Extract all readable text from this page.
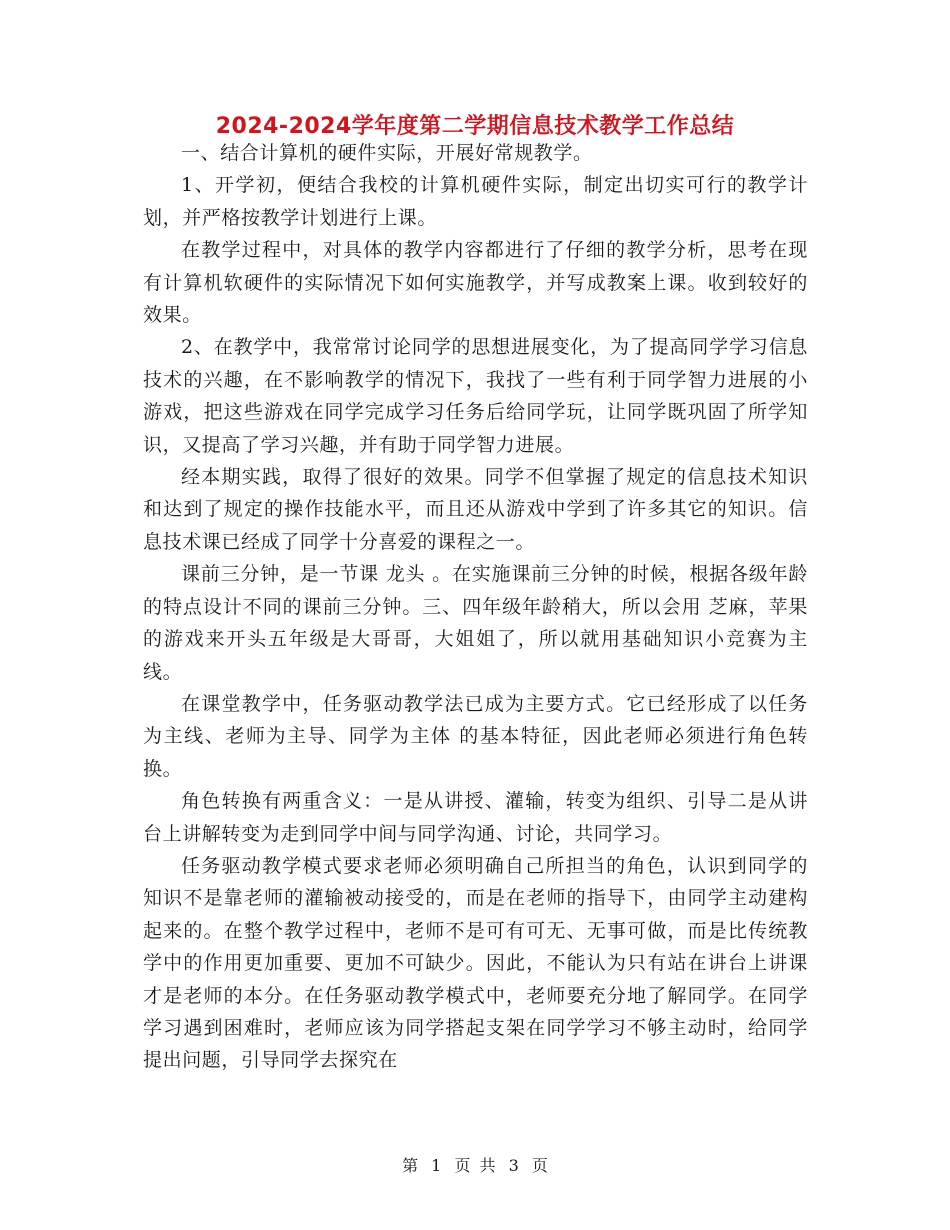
2024-2024学年度第二学期信息技术教学工作总结

一、结合计算机的硬件实际，开展好常规教学。

1、开学初，便结合我校的计算机硬件实际，制定出切实可行的教学计划，并严格按教学计划进行上课。

在教学过程中，对具体的教学内容都进行了仔细的教学分析，思考在现有计算机软硬件的实际情况下如何实施教学，并写成教案上课。收到较好的效果。

2、在教学中，我常常讨论同学的思想进展变化，为了提高同学学习信息技术的兴趣，在不影响教学的情况下，我找了一些有利于同学智力进展的小游戏，把这些游戏在同学完成学习任务后给同学玩，让同学既巩固了所学知识，又提高了学习兴趣，并有助于同学智力进展。

经本期实践，取得了很好的效果。同学不但掌握了规定的信息技术知识和达到了规定的操作技能水平，而且还从游戏中学到了许多其它的知识。信息技术课已经成了同学十分喜爱的课程之一。

课前三分钟，是一节课 龙头 。在实施课前三分钟的时候，根据各级年龄的特点设计不同的课前三分钟。三、四年级年龄稍大，所以会用 芝麻，苹果 的游戏来开头五年级是大哥哥，大姐姐了，所以就用基础知识小竞赛为主线。

在课堂教学中，任务驱动教学法已成为主要方式。它已经形成了以任务为主线、老师为主导、同学为主体 的基本特征，因此老师必须进行角色转换。

角色转换有两重含义：一是从讲授、灌输，转变为组织、引导二是从讲台上讲解转变为走到同学中间与同学沟通、讨论，共同学习。

任务驱动教学模式要求老师必须明确自己所担当的角色，认识到同学的知识不是靠老师的灌输被动接受的，而是在老师的指导下，由同学主动建构起来的。在整个教学过程中，老师不是可有可无、无事可做，而是比传统教学中的作用更加重要、更加不可缺少。因此，不能认为只有站在讲台上讲课才是老师的本分。在任务驱动教学模式中，老师要充分地了解同学。在同学学习遇到困难时，老师应该为同学搭起支架在同学学习不够主动时，给同学提出问题，引导同学去探究在

第 1 页 共 3 页
